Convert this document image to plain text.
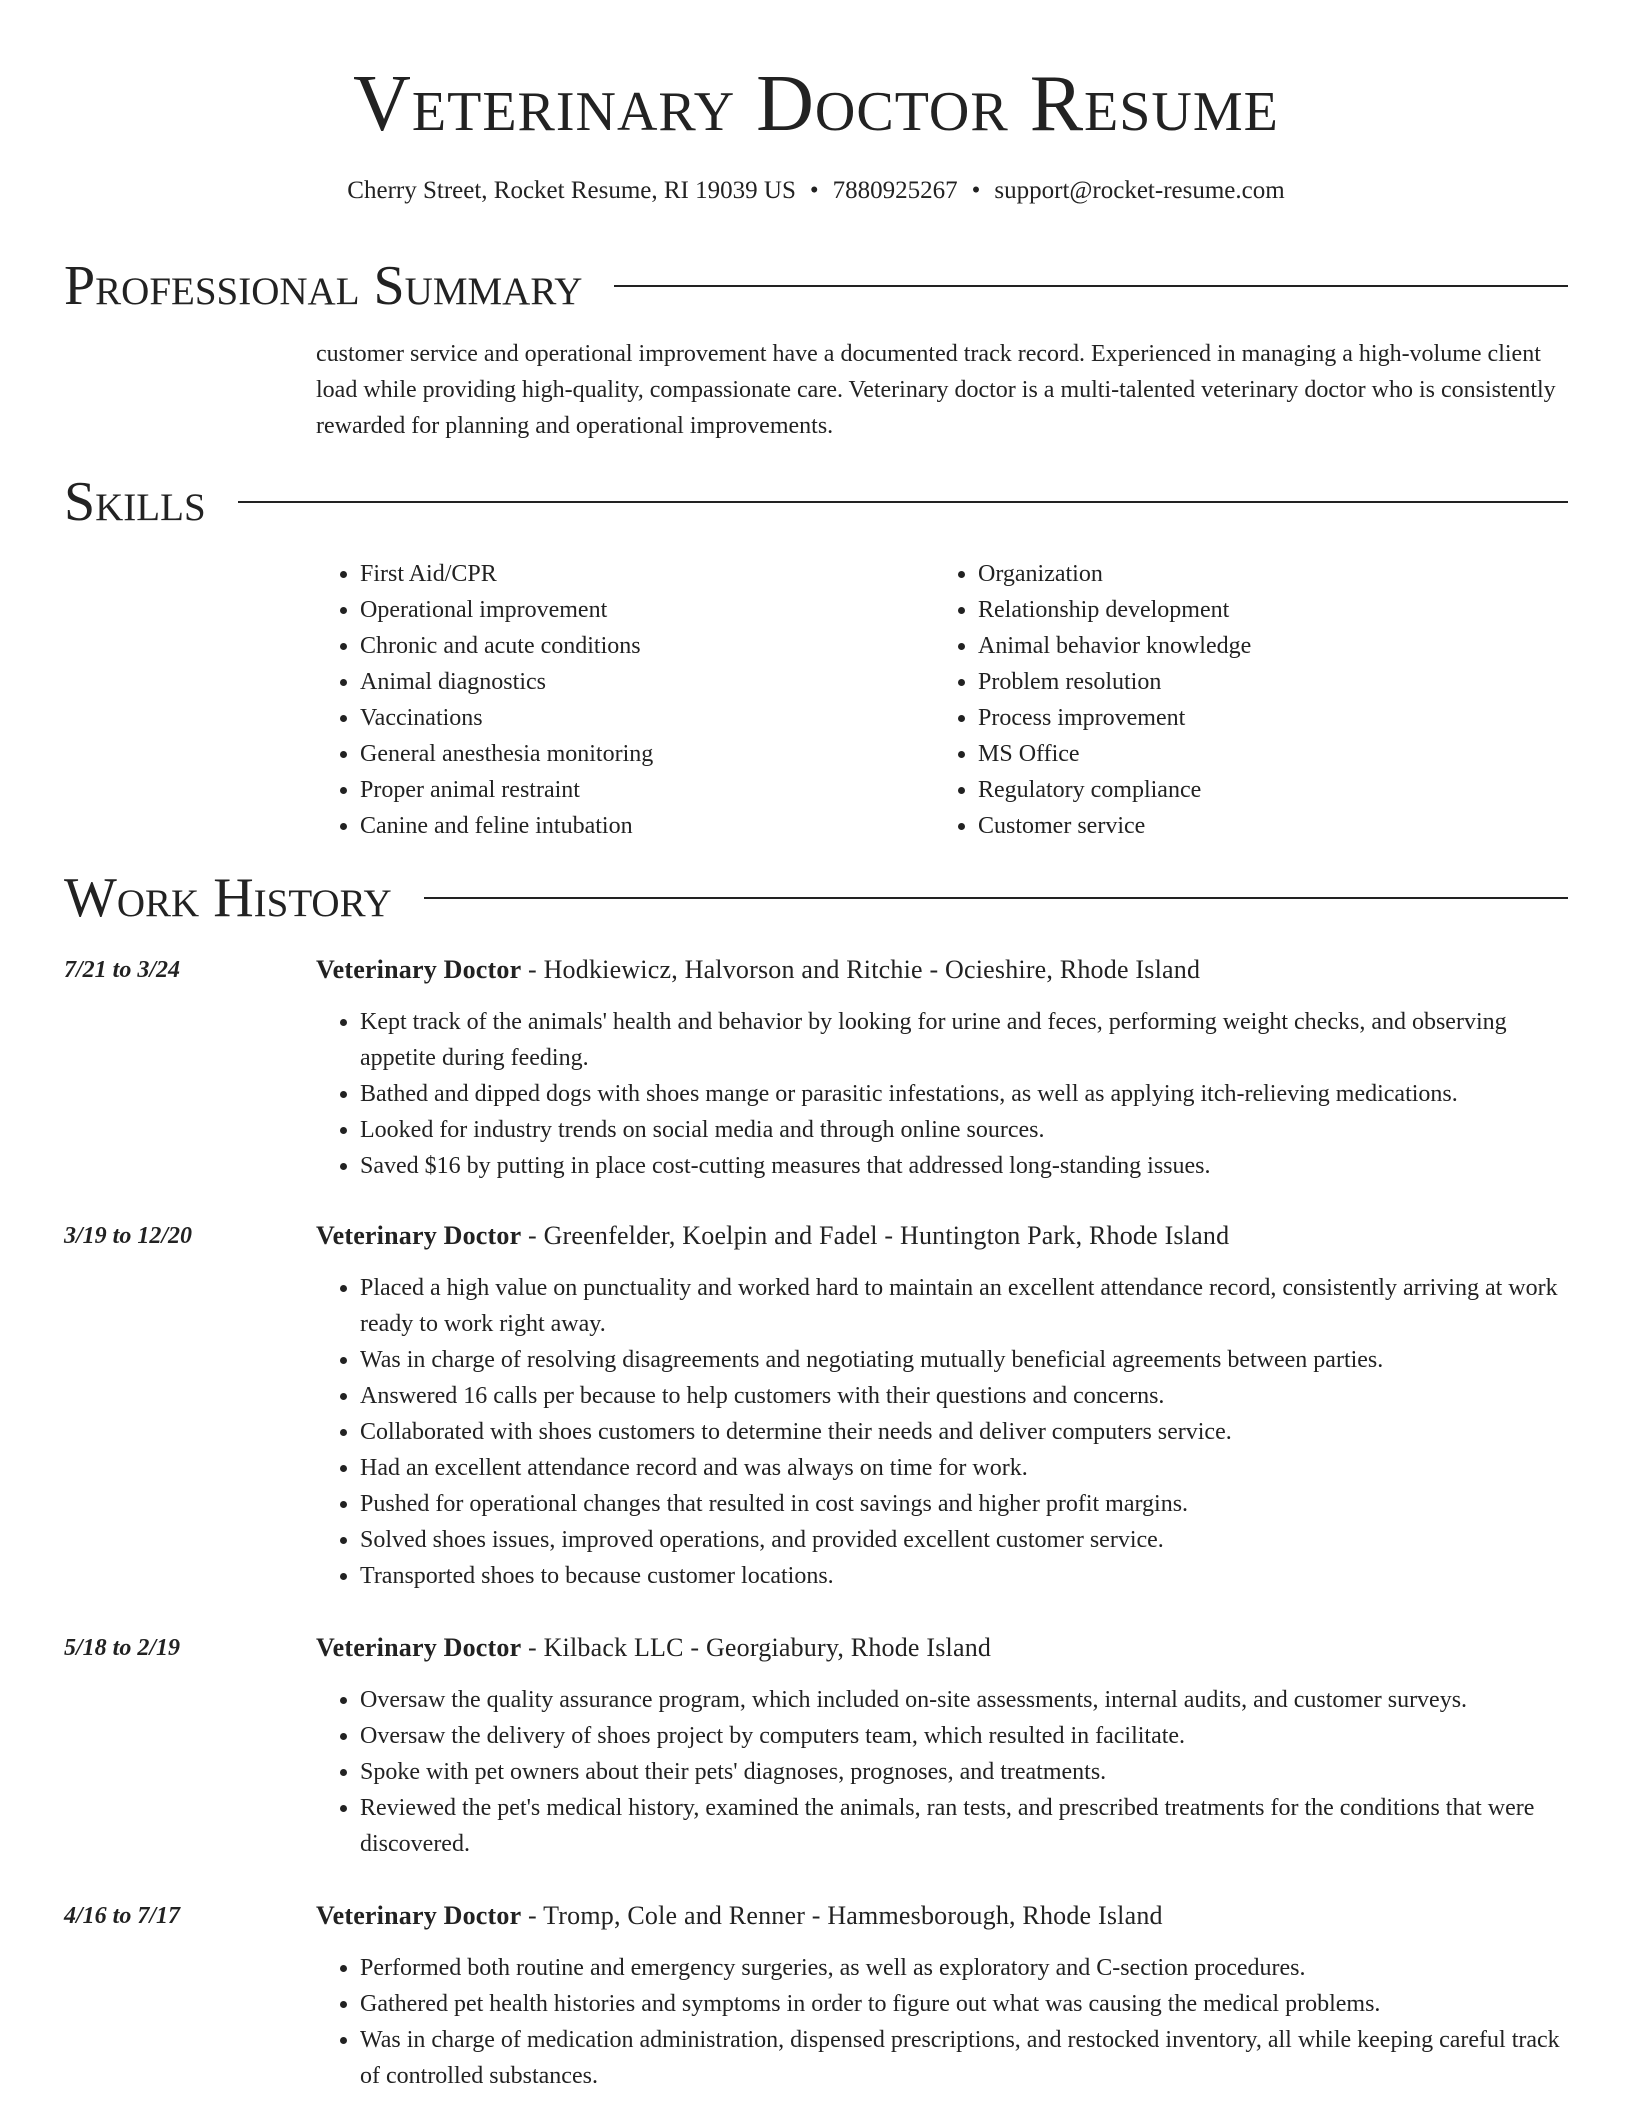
Veterinary Doctor Resume
Cherry Street, Rocket Resume, RI 19039 US • 7880925267 • support@rocket-resume.com
Professional Summary
customer service and operational improvement have a documented track record. Experienced in managing a high-volume client load while providing high-quality, compassionate care. Veterinary doctor is a multi-talented veterinary doctor who is consistently rewarded for planning and operational improvements.
Skills
• First Aid/CPR
• Operational improvement
• Chronic and acute conditions
• Animal diagnostics
• Vaccinations
• General anesthesia monitoring
• Proper animal restraint
• Canine and feline intubation
• Organization
• Relationship development
• Animal behavior knowledge
• Problem resolution
• Process improvement
• MS Office
• Regulatory compliance
• Customer service
Work History
7/21 to 3/24	Veterinary Doctor - Hodkiewicz, Halvorson and Ritchie - Ocieshire, Rhode Island
• Kept track of the animals' health and behavior by looking for urine and feces, performing weight checks, and observing appetite during feeding.
• Bathed and dipped dogs with shoes mange or parasitic infestations, as well as applying itch-relieving medications.
• Looked for industry trends on social media and through online sources.
• Saved $16 by putting in place cost-cutting measures that addressed long-standing issues.
3/19 to 12/20	Veterinary Doctor - Greenfelder, Koelpin and Fadel - Huntington Park, Rhode Island
• Placed a high value on punctuality and worked hard to maintain an excellent attendance record, consistently arriving at work ready to work right away.
• Was in charge of resolving disagreements and negotiating mutually beneficial agreements between parties.
• Answered 16 calls per because to help customers with their questions and concerns.
• Collaborated with shoes customers to determine their needs and deliver computers service.
• Had an excellent attendance record and was always on time for work.
• Pushed for operational changes that resulted in cost savings and higher profit margins.
• Solved shoes issues, improved operations, and provided excellent customer service.
• Transported shoes to because customer locations.
5/18 to 2/19	Veterinary Doctor - Kilback LLC - Georgiabury, Rhode Island
• Oversaw the quality assurance program, which included on-site assessments, internal audits, and customer surveys.
• Oversaw the delivery of shoes project by computers team, which resulted in facilitate.
• Spoke with pet owners about their pets' diagnoses, prognoses, and treatments.
• Reviewed the pet's medical history, examined the animals, ran tests, and prescribed treatments for the conditions that were discovered.
4/16 to 7/17	Veterinary Doctor - Tromp, Cole and Renner - Hammesborough, Rhode Island
• Performed both routine and emergency surgeries, as well as exploratory and C-section procedures.
• Gathered pet health histories and symptoms in order to figure out what was causing the medical problems.
• Was in charge of medication administration, dispensed prescriptions, and restocked inventory, all while keeping careful track of controlled substances.
